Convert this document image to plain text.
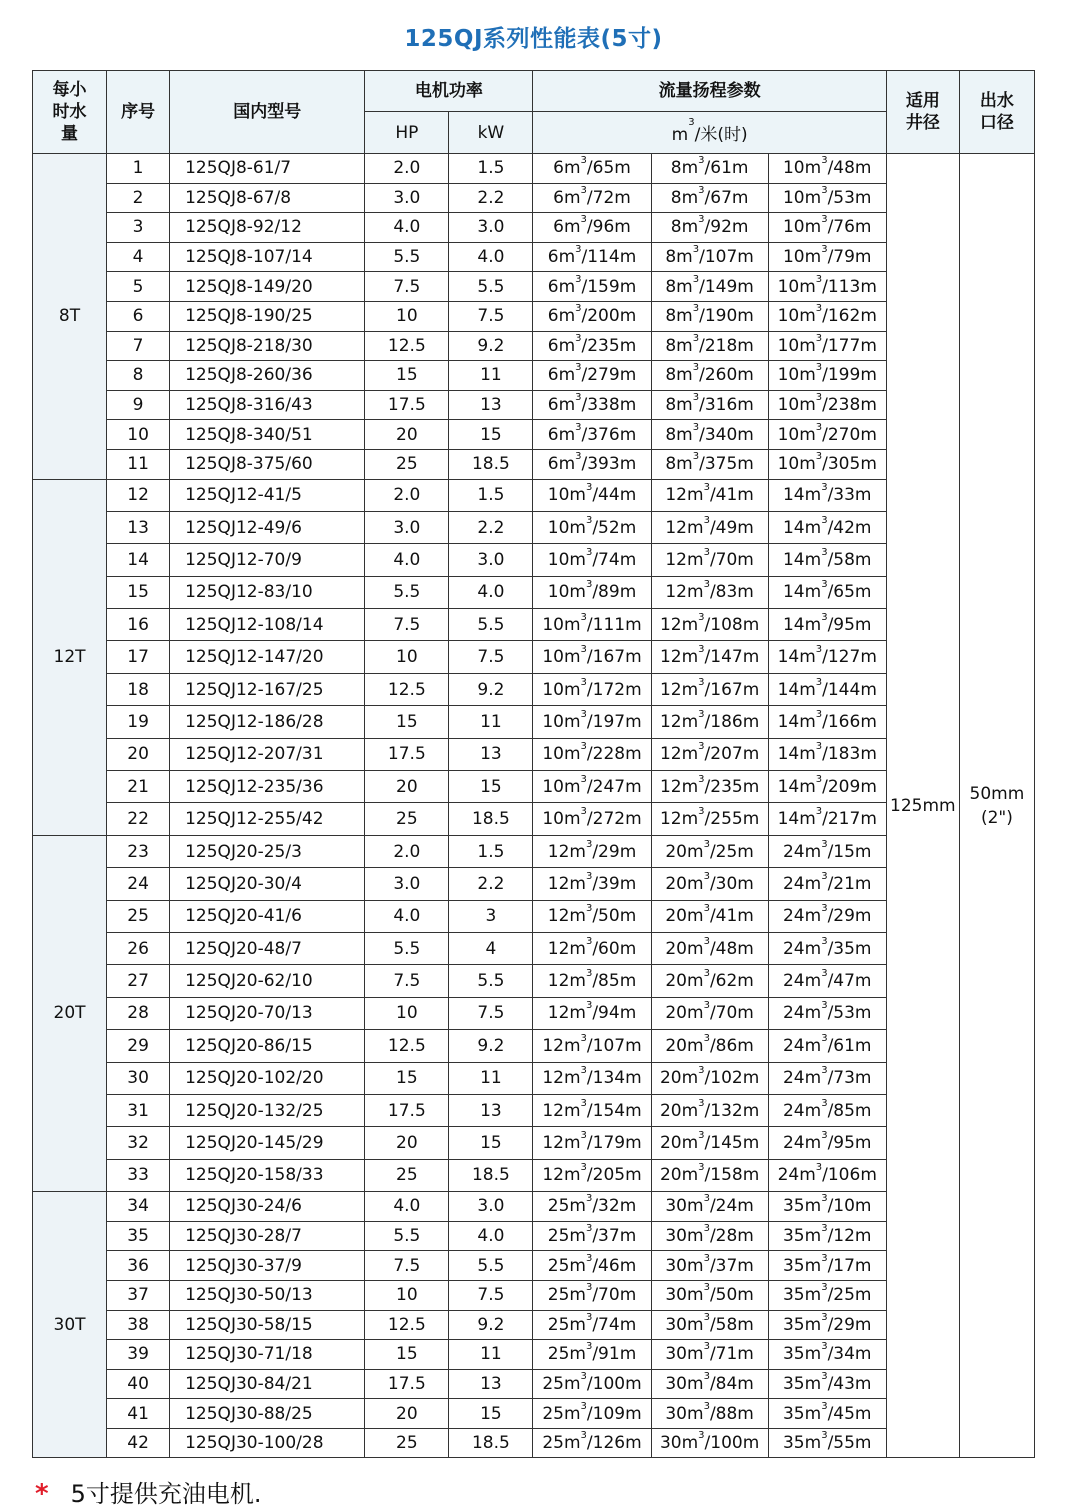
125QJ系列性能表(5寸)
每小时水量	序号	国内型号	电机功率		流量扬程参数			适用井径	出水口径
			HP	kW	$m^3/$米(时)				
8T	1	125QJ8-61/7	2.0	1.5	$6m^3/65m$	$8m^3/61m$	$10m^3/48m$	125mm	50mm (2")
	2	125QJ8-67/8	3.0	2.2	$6m^3/72m$	$8m^3/67m$	$10m^3/53m$		
	3	125QJ8-92/12	4.0	3.0	$6m^3/96m$	$8m^3/92m$	$10m^3/76m$		
	4	125QJ8-107/14	5.5	4.0	$6m^3/114m$	$8m^3/107m$	$10m^3/79m$		
	5	125QJ8-149/20	7.5	5.5	$6m^3/159m$	$8m^3/149m$	$10m^3/113m$		
	6	125QJ8-190/25	10	7.5	$6m^3/200m$	$8m^3/190m$	$10m^3/162m$		
	7	125QJ8-218/30	12.5	9.2	$6m^3/235m$	$8m^3/218m$	$10m^3/177m$		
	8	125QJ8-260/36	15	11	$6m^3/279m$	$8m^3/260m$	$10m^3/199m$		
	9	125QJ8-316/43	17.5	13	$6m^3/338m$	$8m^3/316m$	$10m^3/238m$		
	10	125QJ8-340/51	20	15	$6m^3/376m$	$8m^3/340m$	$10m^3/270m$		
	11	125QJ8-375/60	25	18.5	$6m^3/393m$	$8m^3/375m$	$10m^3/305m$		
12T	12	125QJ12-41/5	2.0	1.5	$10m^3/44m$	$12m^3/41m$	$14m^3/33m$		
	13	125QJ12-49/6	3.0	2.2	$10m^3/52m$	$12m^3/49m$	$14m^3/42m$		
	14	125QJ12-70/9	4.0	3.0	$10m^3/74m$	$12m^3/70m$	$14m^3/58m$		
	15	125QJ12-83/10	5.5	4.0	$10m^3/89m$	$12m^3/83m$	$14m^3/65m$		
	16	125QJ12-108/14	7.5	5.5	$10m^3/111m$	$12m^3/108m$	$14m^3/95m$		
	17	125QJ12-147/20	10	7.5	$10m^3/167m$	$12m^3/147m$	$14m^3/127m$		
	18	125QJ12-167/25	12.5	9.2	$10m^3/172m$	$12m^3/167m$	$14m^3/144m$		
	19	125QJ12-186/28	15	11	$10m^3/197m$	$12m^3/186m$	$14m^3/166m$		
	20	125QJ12-207/31	17.5	13	$10m^3/228m$	$12m^3/207m$	$14m^3/183m$		
	21	125QJ12-235/36	20	15	$10m^3/247m$	$12m^3/235m$	$14m^3/209m$		
	22	125QJ12-255/42	25	18.5	$10m^3/272m$	$12m^3/255m$	$14m^3/217m$		
20T	23	125QJ20-25/3	2.0	1.5	$12m^3/29m$	$20m^3/25m$	$24m^3/15m$		
	24	125QJ20-30/4	3.0	2.2	$12m^3/39m$	$20m^3/30m$	$24m^3/21m$		
	25	125QJ20-41/6	4.0	3	$12m^3/50m$	$20m^3/41m$	$24m^3/29m$		
	26	125QJ20-48/7	5.5	4	$12m^3/60m$	$20m^3/48m$	$24m^3/35m$		
	27	125QJ20-62/10	7.5	5.5	$12m^3/85m$	$20m^3/62m$	$24m^3/47m$		
	28	125QJ20-70/13	10	7.5	$12m^3/94m$	$20m^3/70m$	$24m^3/53m$		
	29	125QJ20-86/15	12.5	9.2	$12m^3/107m$	$20m^3/86m$	$24m^3/61m$		
	30	125QJ20-102/20	15	11	$12m^3/134m$	$20m^3/102m$	$24m^3/73m$		
	31	125QJ20-132/25	17.5	13	$12m^3/154m$	$20m^3/132m$	$24m^3/85m$		
	32	125QJ20-145/29	20	15	$12m^3/179m$	$20m^3/145m$	$24m^3/95m$		
	33	125QJ20-158/33	25	18.5	$12m^3/205m$	$20m^3/158m$	$24m^3/106m$		
30T	34	125QJ30-24/6	4.0	3.0	$25m^3/32m$	$30m^3/24m$	$35m^3/10m$		
	35	125QJ30-28/7	5.5	4.0	$25m^3/37m$	$30m^3/28m$	$35m^3/12m$		
	36	125QJ30-37/9	7.5	5.5	$25m^3/46m$	$30m^3/37m$	$35m^3/17m$		
	37	125QJ30-50/13	10	7.5	$25m^3/70m$	$30m^3/50m$	$35m^3/25m$		
	38	125QJ30-58/15	12.5	9.2	$25m^3/74m$	$30m^3/58m$	$35m^3/29m$		
	39	125QJ30-71/18	15	11	$25m^3/91m$	$30m^3/71m$	$35m^3/34m$		
	40	125QJ30-84/21	17.5	13	$25m^3/100m$	$30m^3/84m$	$35m^3/43m$		
	41	125QJ30-88/25	20	15	$25m^3/109m$	$30m^3/88m$	$35m^3/45m$		
	42	125QJ30-100/28	25	18.5	$25m^3/126m$	$30m^3/100m$	$35m^3/55m$		
* 5寸提供充油电机.
